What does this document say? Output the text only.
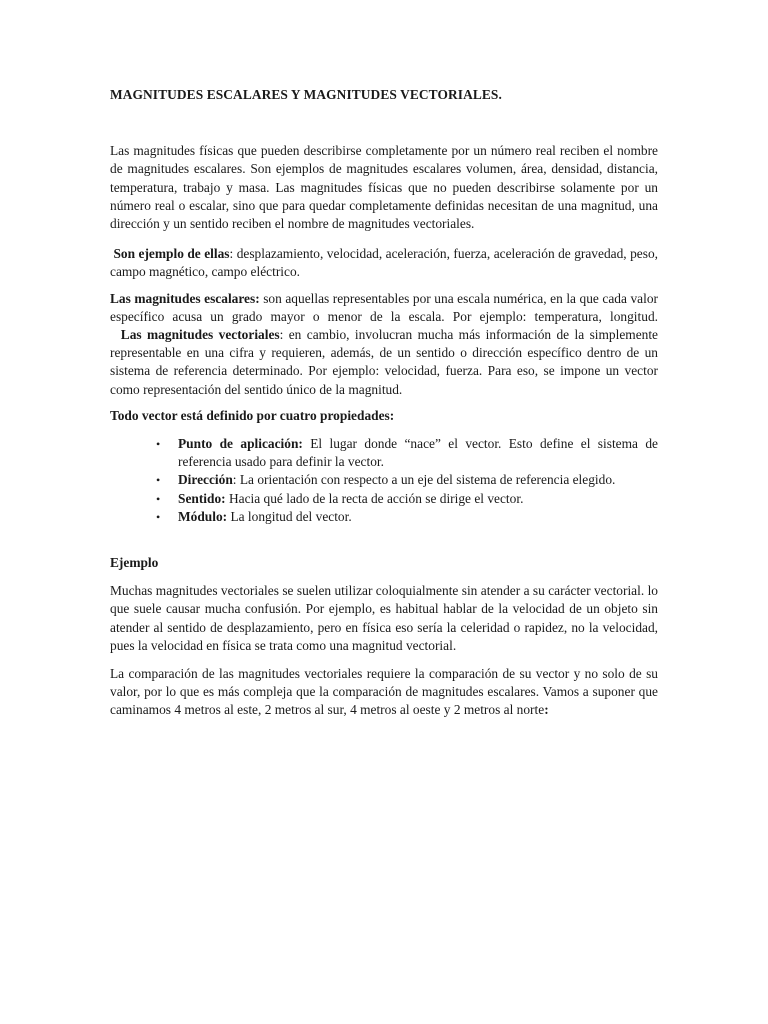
MAGNITUDES ESCALARES Y MAGNITUDES VECTORIALES.

Las magnitudes físicas que pueden describirse completamente por un número real reciben el nombre de magnitudes escalares. Son ejemplos de magnitudes escalares volumen, área, densidad, distancia, temperatura, trabajo y masa. Las magnitudes físicas que no pueden describirse solamente por un número real o escalar, sino que para quedar completamente definidas necesitan de una magnitud, una dirección y un sentido reciben el nombre de magnitudes vectoriales.

Son ejemplo de ellas: desplazamiento, velocidad, aceleración, fuerza, aceleración de gravedad, peso, campo magnético, campo eléctrico.

Las magnitudes escalares: son aquellas representables por una escala numérica, en la que cada valor específico acusa un grado mayor o menor de la escala. Por ejemplo: temperatura, longitud.

Las magnitudes vectoriales: en cambio, involucran mucha más información de la simplemente representable en una cifra y requieren, además, de un sentido o dirección específico dentro de un sistema de referencia determinado. Por ejemplo: velocidad, fuerza. Para eso, se impone un vector como representación del sentido único de la magnitud.

Todo vector está definido por cuatro propiedades:

• Punto de aplicación: El lugar donde “nace” el vector. Esto define el sistema de referencia usado para definir la vector.
• Dirección: La orientación con respecto a un eje del sistema de referencia elegido.
• Sentido: Hacia qué lado de la recta de acción se dirige el vector.
• Módulo: La longitud del vector.
Ejemplo

Muchas magnitudes vectoriales se suelen utilizar coloquialmente sin atender a su carácter vectorial. lo que suele causar mucha confusión. Por ejemplo, es habitual hablar de la velocidad de un objeto sin atender al sentido de desplazamiento, pero en física eso sería la celeridad o rapidez, no la velocidad, pues la velocidad en física se trata como una magnitud vectorial.

La comparación de las magnitudes vectoriales requiere la comparación de su vector y no solo de su valor, por lo que es más compleja que la comparación de magnitudes escalares. Vamos a suponer que caminamos 4 metros al este, 2 metros al sur, 4 metros al oeste y 2 metros al norte:
